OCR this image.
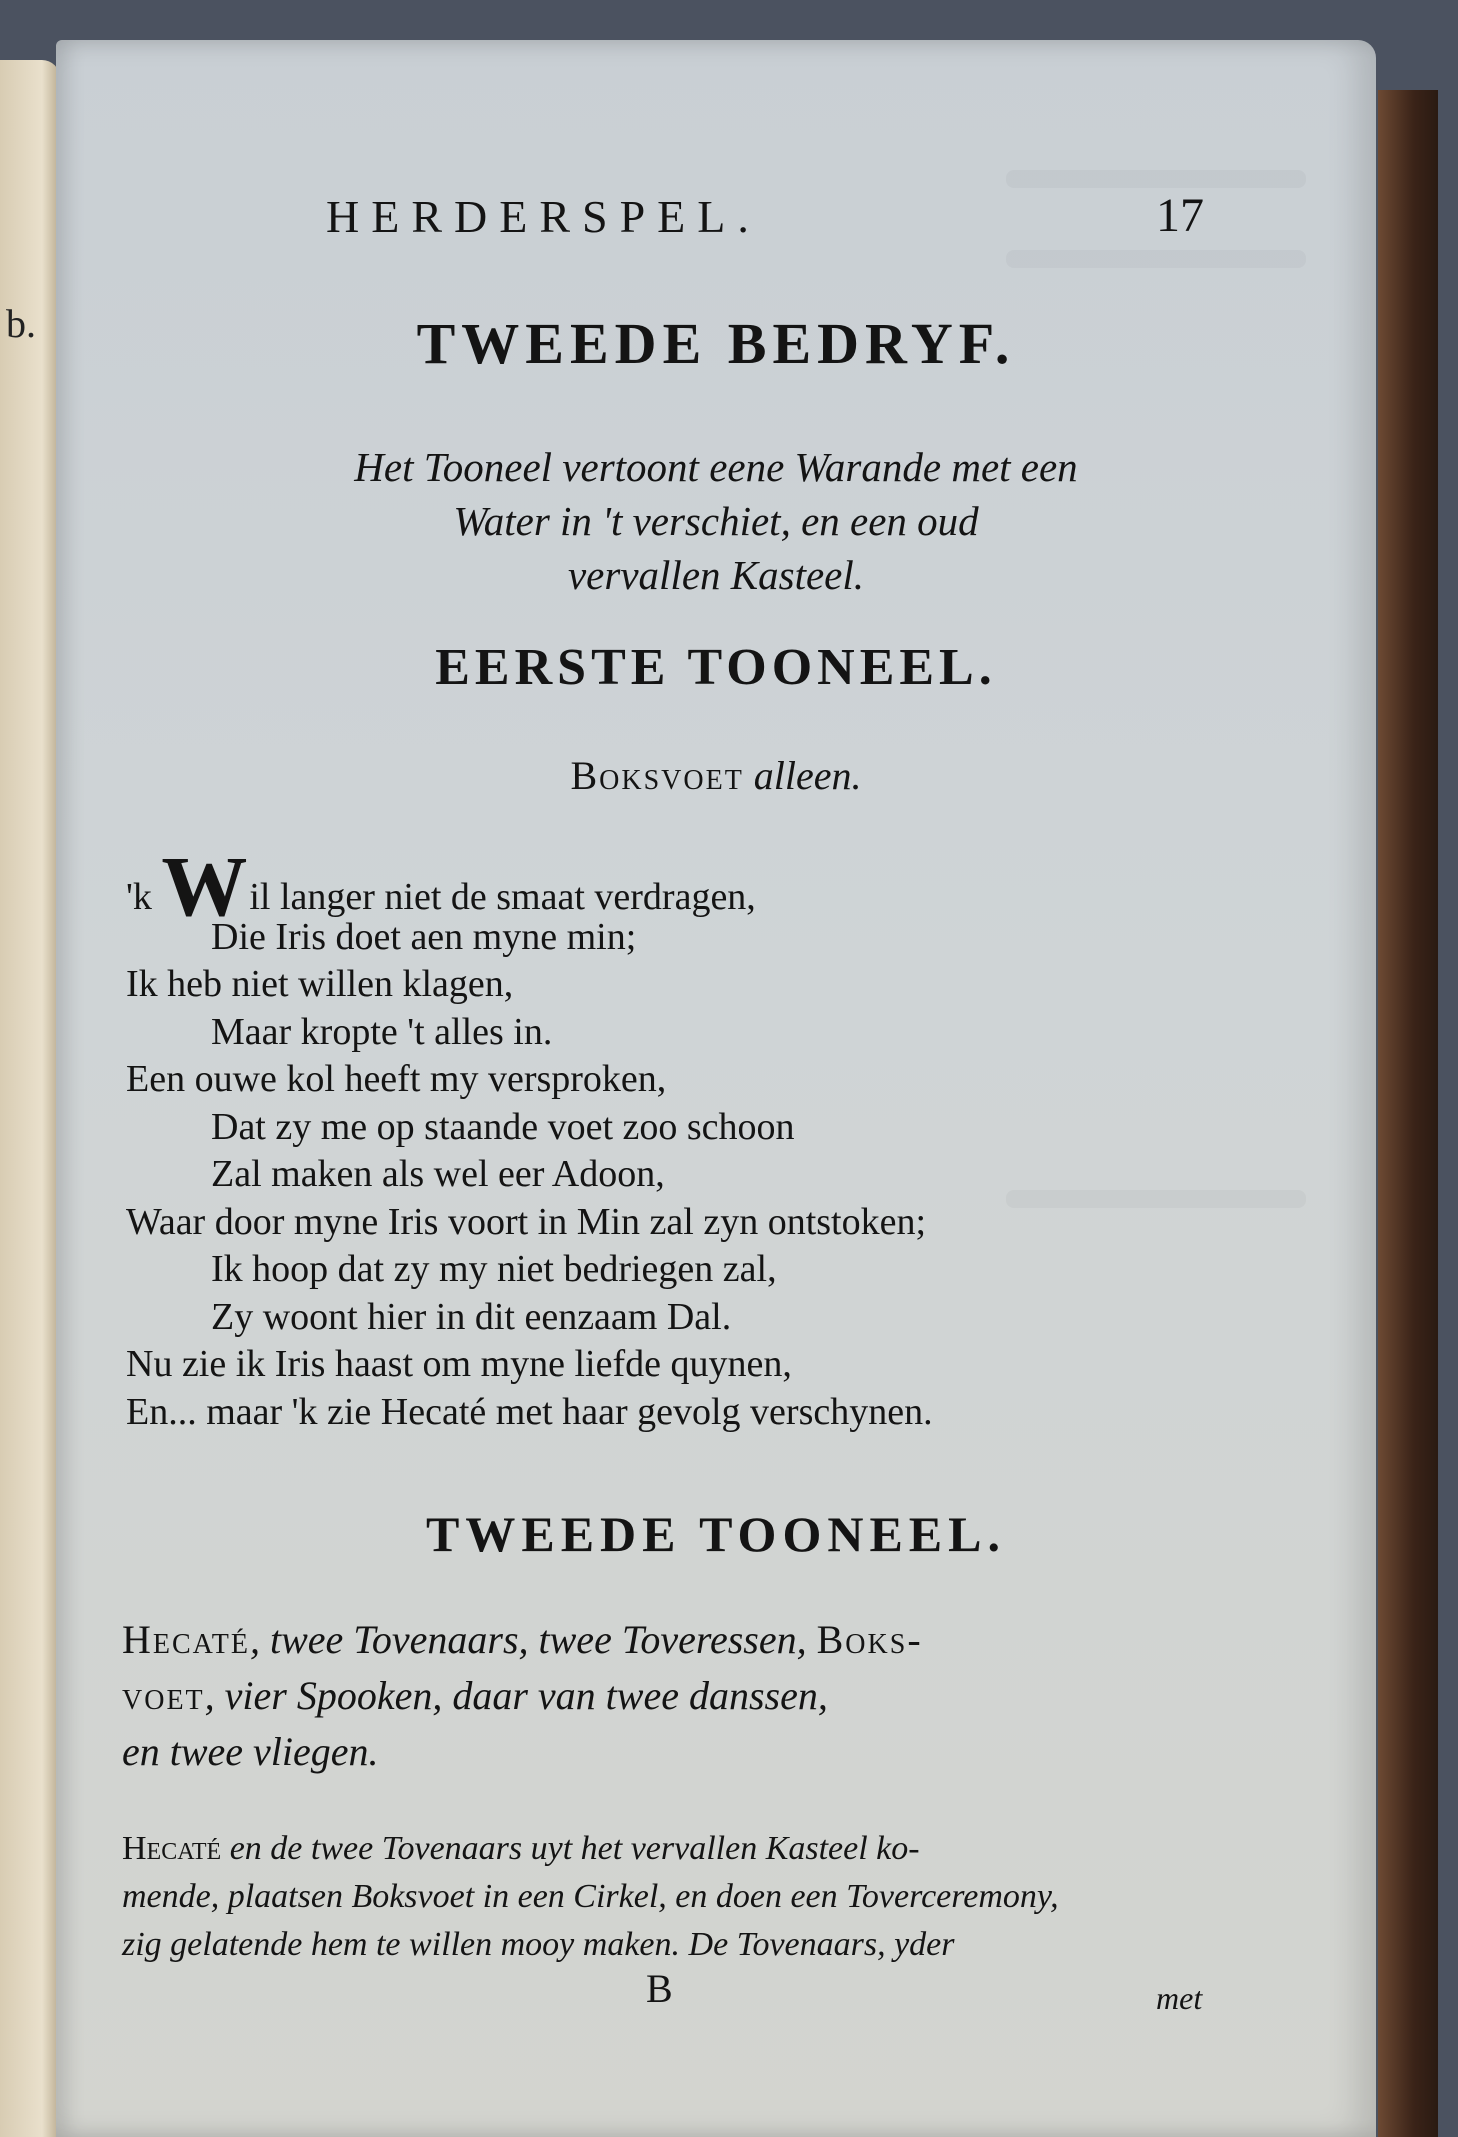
b.
HERDERSPEL.	17
TWEEDE BEDRYF.
Het Tooneel vertoont eene Warande met een
Water in 't verschiet, en een oud
vervallen Kasteel.
EERSTE TOONEEL.
Boksvoet alleen.
'k Wil langer niet de smaat verdragen,
Die Iris doet aen myne min;
Ik heb niet willen klagen,
Maar kropte 't alles in.
Een ouwe kol heeft my versproken,
Dat zy me op staande voet zoo schoon
Zal maken als wel eer Adoon,
Waar door myne Iris voort in Min zal zyn ontstoken;
Ik hoop dat zy my niet bedriegen zal,
Zy woont hier in dit eenzaam Dal.
Nu zie ik Iris haast om myne liefde quynen,
En... maar 'k zie Hecaté met haar gevolg verschynen.
TWEEDE TOONEEL.
Hecaté, twee Tovenaars, twee Toveressen, Boks-
voet, vier Spooken, daar van twee danssen,
en twee vliegen.
Hecaté en de twee Tovenaars uyt het vervallen Kasteel ko-
mende, plaatsen Boksvoet in een Cirkel, en doen een Toverceremony,
zig gelatende hem te willen mooy maken. De Tovenaars, yder
B	met
